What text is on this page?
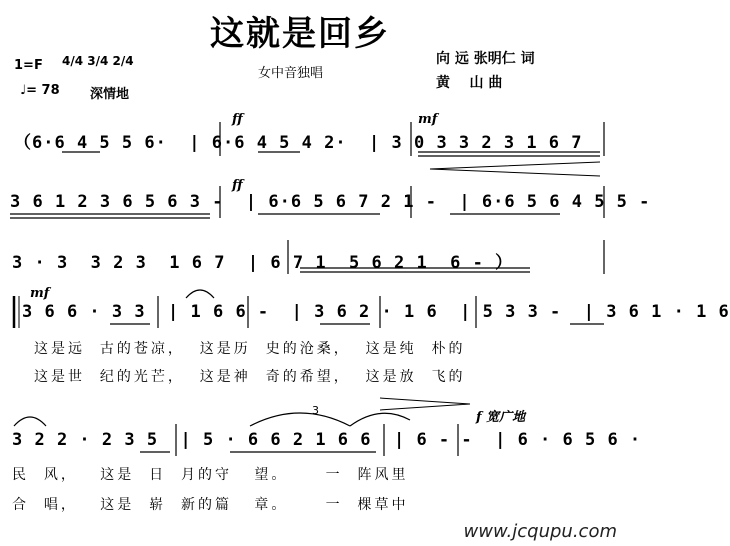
这就是回乡
女中音独唱
1=F 4/4 3/4 2/4
♩= 78 深情地
向 远 张明仁 词
黄    山 曲
ff	mf
ff
mf
f 宽广地
3
（6·6 4 5 5 6·  | 6·6 4 5 4 2·  | 3 0 3 3 2 3 1 6 7
3 6 1 2 3 6 5 6 3 -  | 6·6 5 6 7 2 1 -  | 6·6 5 6 4 5 5 -
3 · 3  3 2 3  1 6 7  | 6 7 1  5 6 2 1  6 - ）
3 6 6 · 3 3  | 1 6 6 -  | 3 6 2 · 1 6  | 5 3 3 -  | 3 6 1 · 1 6
3 2 2 · 2 3 5  | 5 · 6 6 2 1 6 6  | 6 - -  | 6 · 6 5 6 ·
这是远  古的苍凉，  这是历  史的沧桑，  这是纯  朴的
这是世  纪的光芒，  这是神  奇的希望，  这是放  飞的
民  风，   这是  日  月的守   望。     一  阵风里
合  唱，   这是  崭  新的篇   章。     一  棵草中
www.jcqupu.com
